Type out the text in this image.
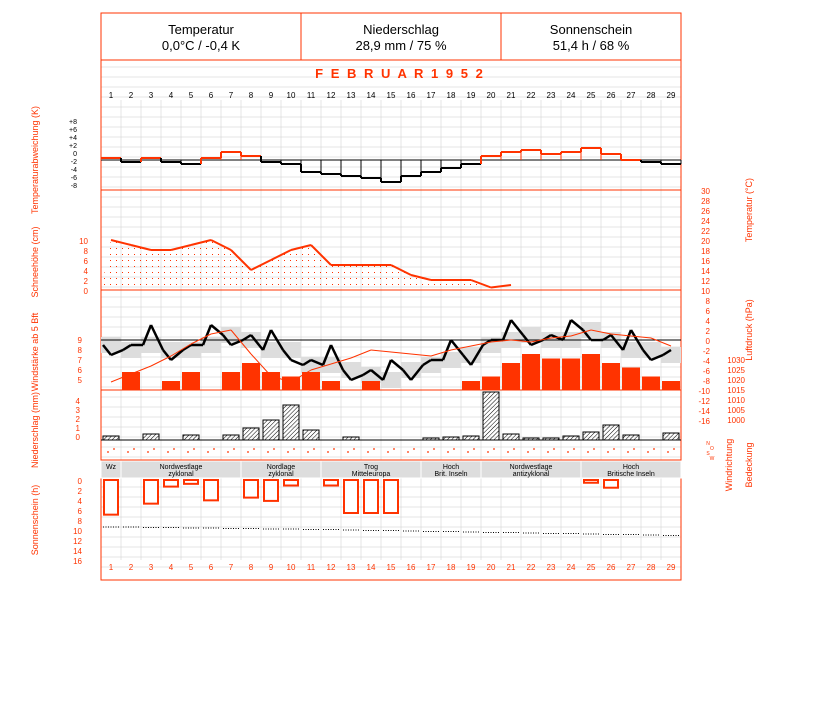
Temperatur
0,0°C / -0,4 K
Niederschlag
28,9 mm / 75 %
Sonnenschein
51,4 h / 68 %
F E B R U A R 1 9 5 2
1
1
2
2
3
3
4
4
5
5
6
6
7
7
8
8
9
9
10
10
11
11
12
12
13
13
14
14
15
15
16
16
17
17
18
18
19
19
20
20
21
21
22
22
23
23
24
24
25
25
26
26
27
27
28
28
29
29
+8
+6
+4
+2
0
-2
-4
-6
-8
30
28
26
24
22
20
18
16
14
12
10
8
6
4
2
0
-2
-4
-6
-8
-10
-12
-14
-16
10
8
6
4
2
0
9
8
7
6
5
1030
1025
1020
1015
1010
1005
1000
4
3
2
1
0
N
O
S
W
Wz	Nordwestlage
zyklonal
Nordlage
zyklonal
Trog
Mitteleuropa
Hoch
Brit. Inseln
Nordwestlage
antizyklonal
Hoch
Britische Inseln
0
2
4
6
8
10
12
14
16
Temperaturabweichung (K)	Temperatur (°C)
Schneehöhe (cm)
Windstärke ab 5 Bft	Luftdruck (hPa)
Niederschlag (mm)	Windrichtung Bedeckung
Sonnenschein (h)
